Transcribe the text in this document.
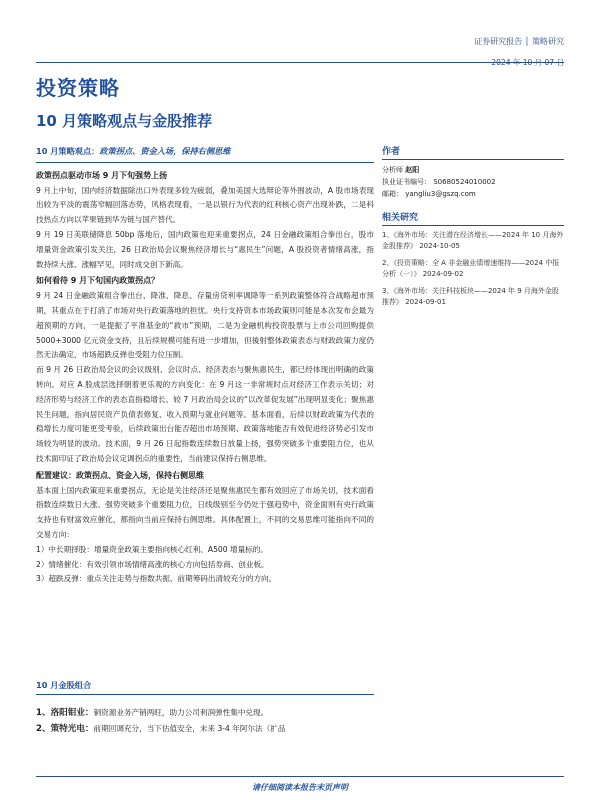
证券研究报告 │ 策略研究
投资策略
10 月策略观点与金股推荐
10 月策略观点：政策拐点、资金入场，保持右侧思维
政策拐点驱动市场 9 月下旬强势上扬
9 月上中旬，国内经济数据除出口外表现多较为疲弱，叠加美国大选辩论等外围波动，A 股市场表现出较为平淡的震荡窄幅回落态势，风格表现看，一是以银行为代表的红利核心资产出现补跌，二是科技热点方向以苹果链到华为链与国产替代。
9 月 19 日美联储降息 50bp 落地后，国内政策也迎来重要拐点，24 日金融政策组合拳出台，股市增量资金政策引发关注，26 日政治局会议聚焦经济增长与“惠民生”问题，A 股投资者情绪高涨，指数持续大涨、涨幅罕见，同时成交创下新高。
如何看待 9 月下旬国内政策拐点？
9 月 24 日金融政策组合拳出台、降准、降息、存量房贷利率调降等一系列政策整体符合战略超市预期，其重点在于打消了市场对央行政策落地的担忧。央行支持资本市场政策则可能是本次发布会最为超预期的方向，一是提振了平准基金的“救市”预期，二是为金融机构投资股票与上市公司回购提供 5000+3000 亿元资金支持，且后续规模可能有进一步增加，但後射整体政策表态与财政政策力度仍然无法确定，市场超跌反弹也受阻力位压制。
而 9 月 26 日政治局会议的会议级别、会议时点、经济表态与聚焦惠民生，都已经体现出明确的政策转向。对应 A 股成层选择朝着更乐观的方向变化：在 9 月这一非常规时点对经济工作表示关切；对经济形势与经济工作的表态直指稳增长、较 7 月政治局会议的“以改革促发展”出现明显变化；聚焦惠民生问题，指向居民资产负债表修复、收入预期与就业问题等。基本面看，后续以财政政策为代表的稳增长力度可能更受考验，后续政策出台能否超出市场预期、政策落地能否有效促进经济势必引发市场较为明显的波动。技术面，9 月 26 日起指数连续数日放量上扬，强势突破多个重要阻力位，也从技术面印证了政治局会议定调拐点的重要性，当前建议保持右侧思维。
配置建议：政策拐点、资金入场，保持右侧思维
基本面上国内政策迎来重要拐点，无论是关注经济还是聚焦惠民生都有效回应了市场关切，技术面看指数连续数日大涨、强势突破多个重要阻力位，日线级别至今仍处于强趋势中，资金面则有央行政策支持也有财富效应催化，都指向当前应保持右侧思维。具体配置上，不同的交易思维可能指向不同的交易方向：
1）中长期择股：增量资金政策主要指向核心红利、A500 增量标的。
2）情绪催化：有效引领市场情绪高涨的核心方向包括券商、创业板。
3）超跌反弹：重点关注走势与指数共振、前期筹码出清较充分的方向。
作者
分析师 赵阳
执业证书编号： S0680524010002
邮箱： yangliu3@gszq.com
相关研究
1、《海外市场：关注潜在经济增长——2024 年 10 月海外金股推荐》 2024-10-05
2、《投资策略：全 A 非金融业绩增速维持——2024 中报分析（一）》 2024-09-02
3、《海外市场：关注科技板块——2024 年 9 月海外金股推荐》 2024-09-01
10 月金股组合
1、洛阳钼业：铜资源业务产销两旺，助力公司利润弹性集中兑现。
2、策特光电：前期回调充分，当下估值安全，未来 3-4 年阿尔法（扩品
请仔细阅读本报告末页声明
